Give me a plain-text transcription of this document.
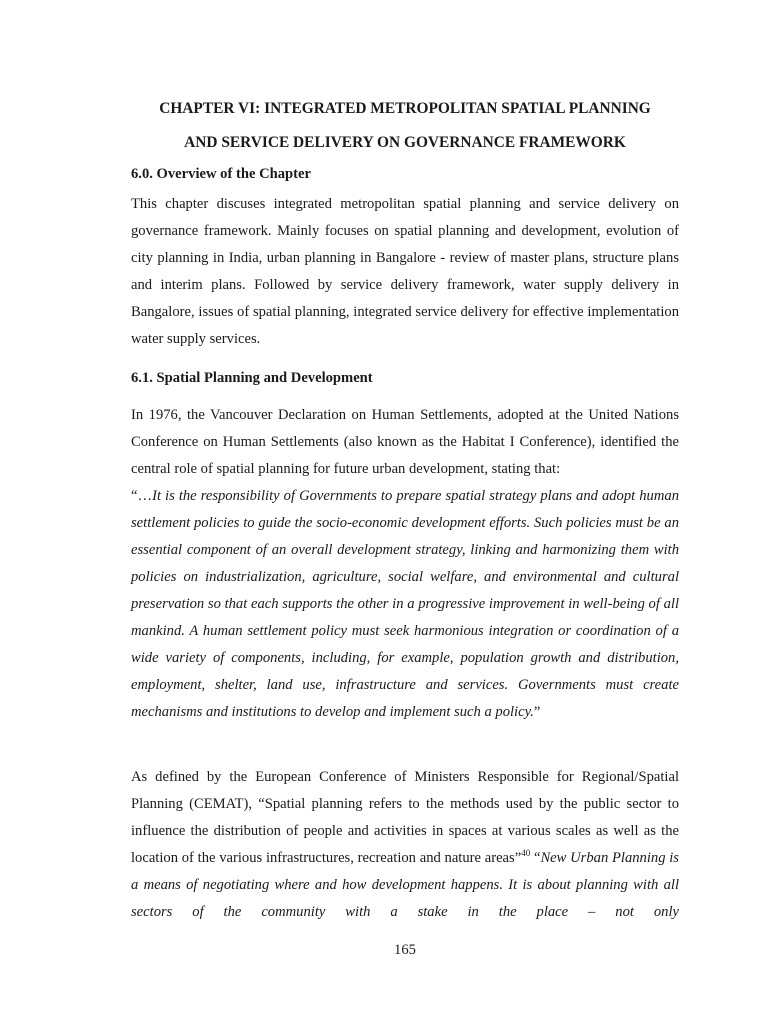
CHAPTER VI: INTEGRATED METROPOLITAN SPATIAL PLANNING
AND SERVICE DELIVERY ON GOVERNANCE FRAMEWORK
6.0. Overview of the Chapter

This chapter discuses integrated metropolitan spatial planning and service delivery on governance framework. Mainly focuses on spatial planning and development, evolution of city planning in India, urban planning in Bangalore - review of master plans, structure plans and interim plans. Followed by service delivery framework, water supply delivery in Bangalore, issues of spatial planning, integrated service delivery for effective implementation water supply services.

6.1. Spatial Planning and Development

In 1976, the Vancouver Declaration on Human Settlements, adopted at the United Nations Conference on Human Settlements (also known as the Habitat I Conference), identified the central role of spatial planning for future urban development, stating that:
“…It is the responsibility of Governments to prepare spatial strategy plans and adopt human settlement policies to guide the socio-economic development efforts. Such policies must be an essential component of an overall development strategy, linking and harmonizing them with policies on industrialization, agriculture, social welfare, and environmental and cultural preservation so that each supports the other in a progressive improvement in well-being of all mankind. A human settlement policy must seek harmonious integration or coordination of a wide variety of components, including, for example, population growth and distribution, employment, shelter, land use, infrastructure and services. Governments must create mechanisms and institutions to develop and implement such a policy.”

As defined by the European Conference of Ministers Responsible for Regional/Spatial Planning (CEMAT), “Spatial planning refers to the methods used by the public sector to influence the distribution of people and activities in spaces at various scales as well as the location of the various infrastructures, recreation and nature areas”$^{40}$ “New Urban Planning is a means of negotiating where and how development happens. It is about planning with all sectors of the community with a stake in the place – not only

165
